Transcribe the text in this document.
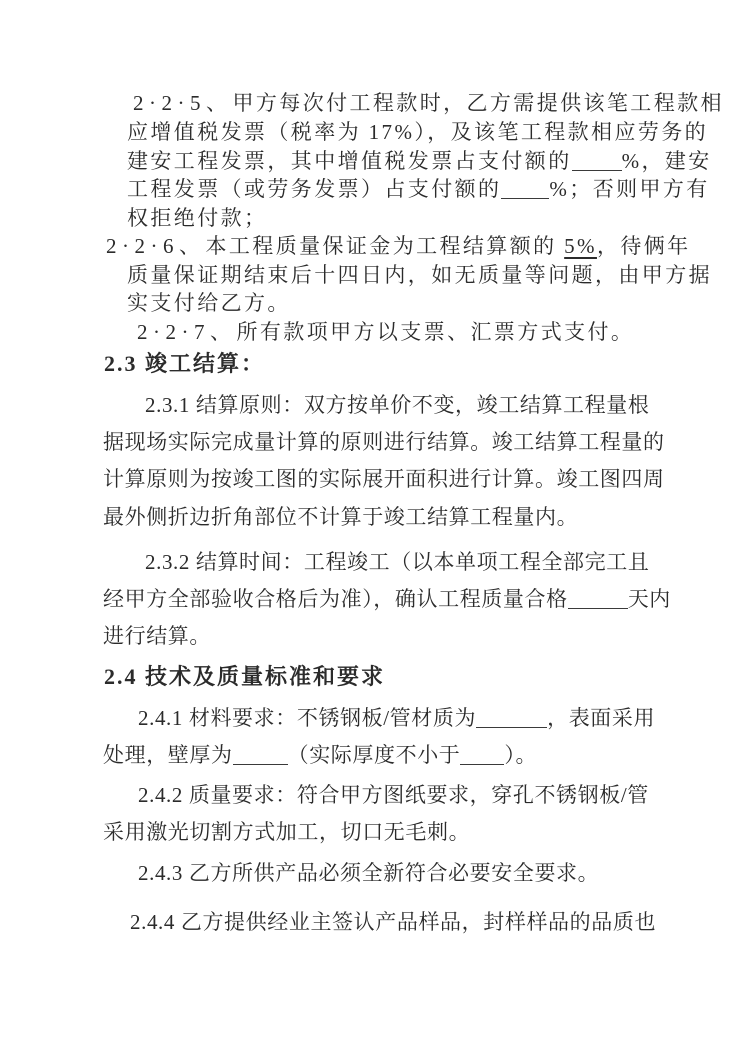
2·2·5、甲方每次付工程款时，乙方需提供该笔工程款相
应增值税发票（税率为 17%），及该笔工程款相应劳务的
建安工程发票，其中增值税发票占支付额的 %，建安
工程发票（或劳务发票）占支付额的 %；否则甲方有
权拒绝付款；
2·2·6、本工程质量保证金为工程结算额的 5%，待俩年
质量保证期结束后十四日内，如无质量等问题，由甲方据
实支付给乙方。
2·2·7、所有款项甲方以支票、汇票方式支付。
2.3 竣工结算：
2.3.1 结算原则：双方按单价不变，竣工结算工程量根
据现场实际完成量计算的原则进行结算。竣工结算工程量的
计算原则为按竣工图的实际展开面积进行计算。竣工图四周
最外侧折边折角部位不计算于竣工结算工程量内。
2.3.2 结算时间：工程竣工（以本单项工程全部完工且
经甲方全部验收合格后为准），确认工程质量合格	天内
进行结算。
2.4 技术及质量标准和要求
2.4.1 材料要求：不锈钢板/管材质为	，表面采用
处理，壁厚为	（实际厚度不小于 ）。
2.4.2 质量要求：符合甲方图纸要求，穿孔不锈钢板/管
采用激光切割方式加工，切口无毛刺。
2.4.3 乙方所供产品必须全新符合必要安全要求。
2.4.4 乙方提供经业主签认产品样品，封样样品的品质也
